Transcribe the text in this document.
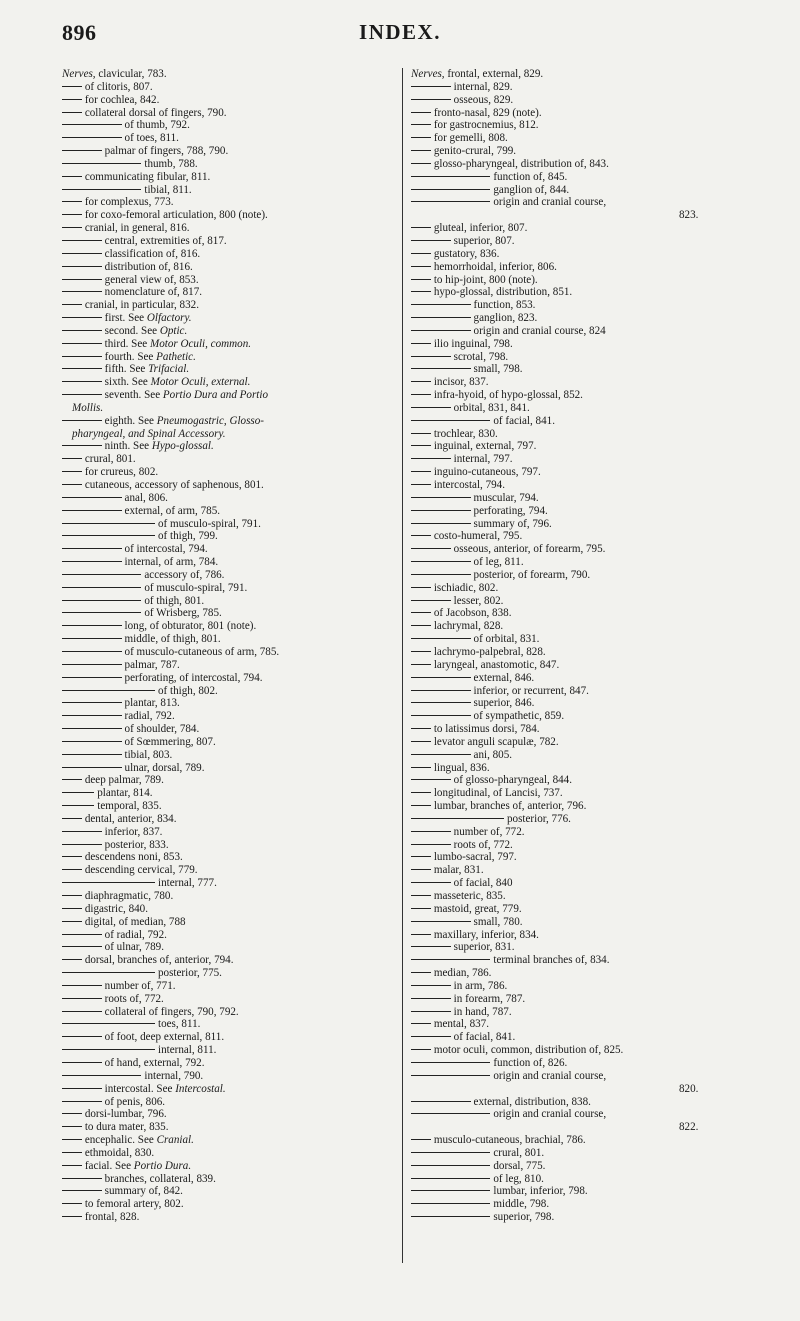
896	INDEX.
Nerves, clavicular, 783.
of clitoris, 807.
for cochlea, 842.
collateral dorsal of fingers, 790.
of thumb, 792.
of toes, 811.
palmar of fingers, 788, 790.
thumb, 788.
communicating fibular, 811.
tibial, 811.
for complexus, 773.
for coxo-femoral articulation, 800 (note).
cranial, in general, 816.
central, extremities of, 817.
classification of, 816.
distribution of, 816.
general view of, 853.
nomenclature of, 817.
cranial, in particular, 832.
first. See Olfactory.
second. See Optic.
third. See Motor Oculi, common.
fourth. See Pathetic.
fifth. See Trifacial.
sixth. See Motor Oculi, external.
seventh. See Portio Dura and Portio
Mollis.
eighth. See Pneumogastric, Glosso-
pharyngeal, and Spinal Accessory.
ninth. See Hypo-glossal.
crural, 801.
for crureus, 802.
cutaneous, accessory of saphenous, 801.
anal, 806.
external, of arm, 785.
of musculo-spiral, 791.
of thigh, 799.
of intercostal, 794.
internal, of arm, 784.
accessory of, 786.
of musculo-spiral, 791.
of thigh, 801.
of Wrisberg, 785.
long, of obturator, 801 (note).
middle, of thigh, 801.
of musculo-cutaneous of arm, 785.
palmar, 787.
perforating, of intercostal, 794.
of thigh, 802.
plantar, 813.
radial, 792.
of shoulder, 784.
of Sœmmering, 807.
tibial, 803.
ulnar, dorsal, 789.
deep palmar, 789.
plantar, 814.
temporal, 835.
dental, anterior, 834.
inferior, 837.
posterior, 833.
descendens noni, 853.
descending cervical, 779.
internal, 777.
diaphragmatic, 780.
digastric, 840.
digital, of median, 788
of radial, 792.
of ulnar, 789.
dorsal, branches of, anterior, 794.
posterior, 775.
number of, 771.
roots of, 772.
collateral of fingers, 790, 792.
toes, 811.
of foot, deep external, 811.
internal, 811.
of hand, external, 792.
internal, 790.
intercostal. See Intercostal.
of penis, 806.
dorsi-lumbar, 796.
to dura mater, 835.
encephalic. See Cranial.
ethmoidal, 830.
facial. See Portio Dura.
branches, collateral, 839.
summary of, 842.
to femoral artery, 802.
frontal, 828.
Nerves, frontal, external, 829.
internal, 829.
osseous, 829.
fronto-nasal, 829 (note).
for gastrocnemius, 812.
for gemelli, 808.
genito-crural, 799.
glosso-pharyngeal, distribution of, 843.
function of, 845.
ganglion of, 844.
origin and cranial course,
823.
gluteal, inferior, 807.
superior, 807.
gustatory, 836.
hemorrhoidal, inferior, 806.
to hip-joint, 800 (note).
hypo-glossal, distribution, 851.
function, 853.
ganglion, 823.
origin and cranial course, 824
ilio inguinal, 798.
scrotal, 798.
small, 798.
incisor, 837.
infra-hyoid, of hypo-glossal, 852.
orbital, 831, 841.
of facial, 841.
trochlear, 830.
inguinal, external, 797.
internal, 797.
inguino-cutaneous, 797.
intercostal, 794.
muscular, 794.
perforating, 794.
summary of, 796.
costo-humeral, 795.
osseous, anterior, of forearm, 795.
of leg, 811.
posterior, of forearm, 790.
ischiadic, 802.
lesser, 802.
of Jacobson, 838.
lachrymal, 828.
of orbital, 831.
lachrymo-palpebral, 828.
laryngeal, anastomotic, 847.
external, 846.
inferior, or recurrent, 847.
superior, 846.
of sympathetic, 859.
to latissimus dorsi, 784.
levator anguli scapulæ, 782.
ani, 805.
lingual, 836.
of glosso-pharyngeal, 844.
longitudinal, of Lancisi, 737.
lumbar, branches of, anterior, 796.
posterior, 776.
number of, 772.
roots of, 772.
lumbo-sacral, 797.
malar, 831.
of facial, 840
masseteric, 835.
mastoid, great, 779.
small, 780.
maxillary, inferior, 834.
superior, 831.
terminal branches of, 834.
median, 786.
in arm, 786.
in forearm, 787.
in hand, 787.
mental, 837.
of facial, 841.
motor oculi, common, distribution of, 825.
function of, 826.
origin and cranial course,
820.
external, distribution, 838.
origin and cranial course,
822.
musculo-cutaneous, brachial, 786.
crural, 801.
dorsal, 775.
of leg, 810.
lumbar, inferior, 798.
middle, 798.
superior, 798.
